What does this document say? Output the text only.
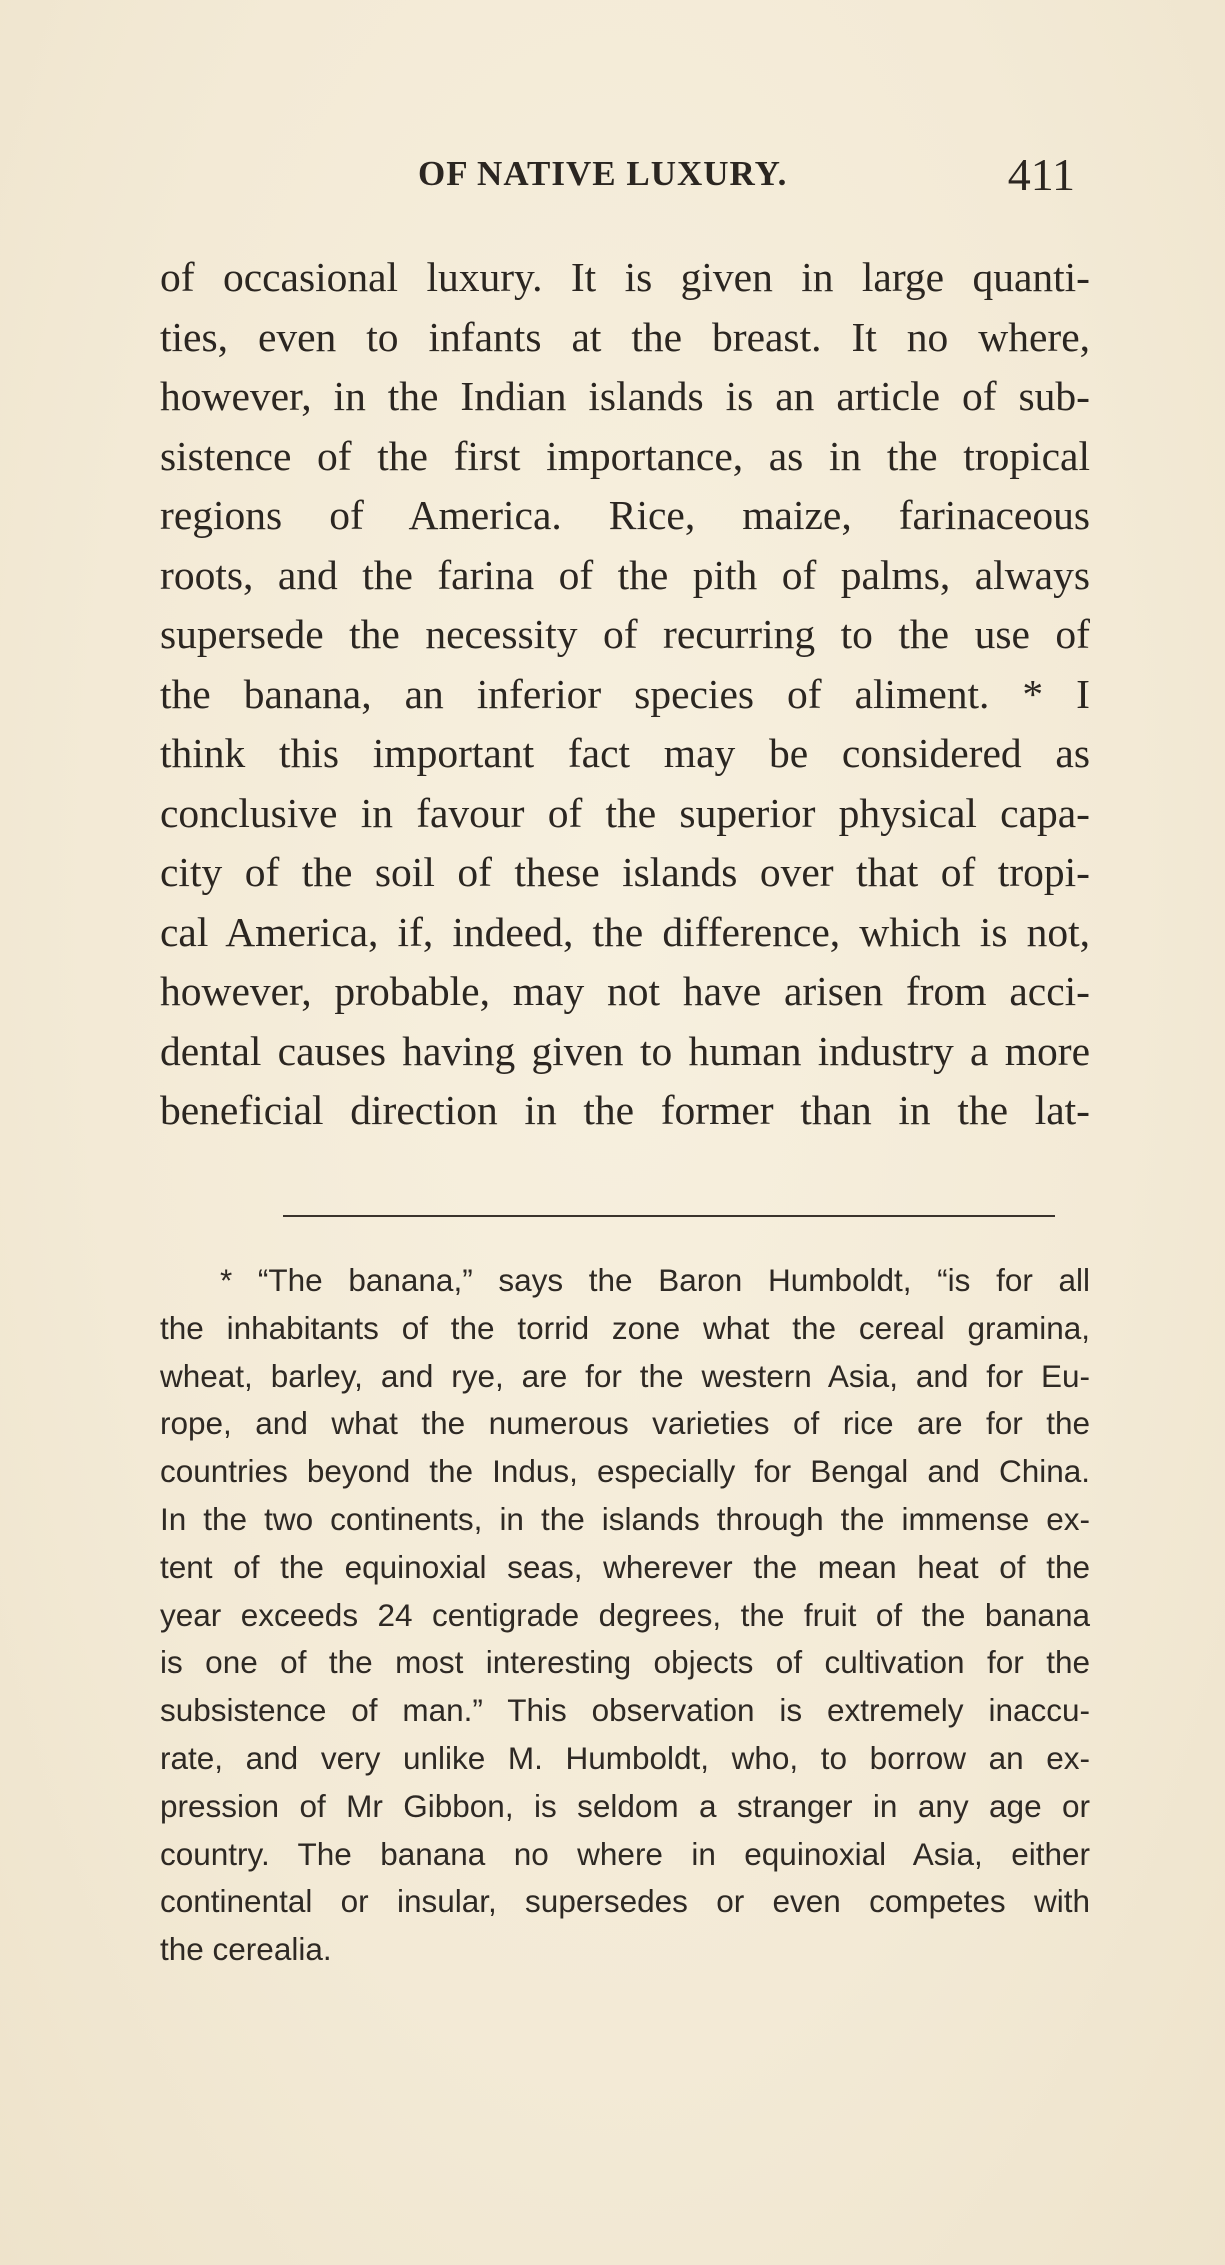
OF NATIVE LUXURY.	411
of occasional luxury. It is given in large quanti-
ties, even to infants at the breast. It no where,
however, in the Indian islands is an article of sub-
sistence of the first importance, as in the tropical
regions of America. Rice, maize, farinaceous
roots, and the farina of the pith of palms, always
supersede the necessity of recurring to the use of
the banana, an inferior species of aliment. * I
think this important fact may be considered as
conclusive in favour of the superior physical capa-
city of the soil of these islands over that of tropi-
cal America, if, indeed, the difference, which is not,
however, probable, may not have arisen from acci-
dental causes having given to human industry a more
beneficial direction in the former than in the lat-
* “The banana,” says the Baron Humboldt, “is for all
the inhabitants of the torrid zone what the cereal gramina,
wheat, barley, and rye, are for the western Asia, and for Eu-
rope, and what the numerous varieties of rice are for the
countries beyond the Indus, especially for Bengal and China.
In the two continents, in the islands through the immense ex-
tent of the equinoxial seas, wherever the mean heat of the
year exceeds 24 centigrade degrees, the fruit of the banana
is one of the most interesting objects of cultivation for the
subsistence of man.” This observation is extremely inaccu-
rate, and very unlike M. Humboldt, who, to borrow an ex-
pression of Mr Gibbon, is seldom a stranger in any age or
country. The banana no where in equinoxial Asia, either
continental or insular, supersedes or even competes with
the cerealia.
